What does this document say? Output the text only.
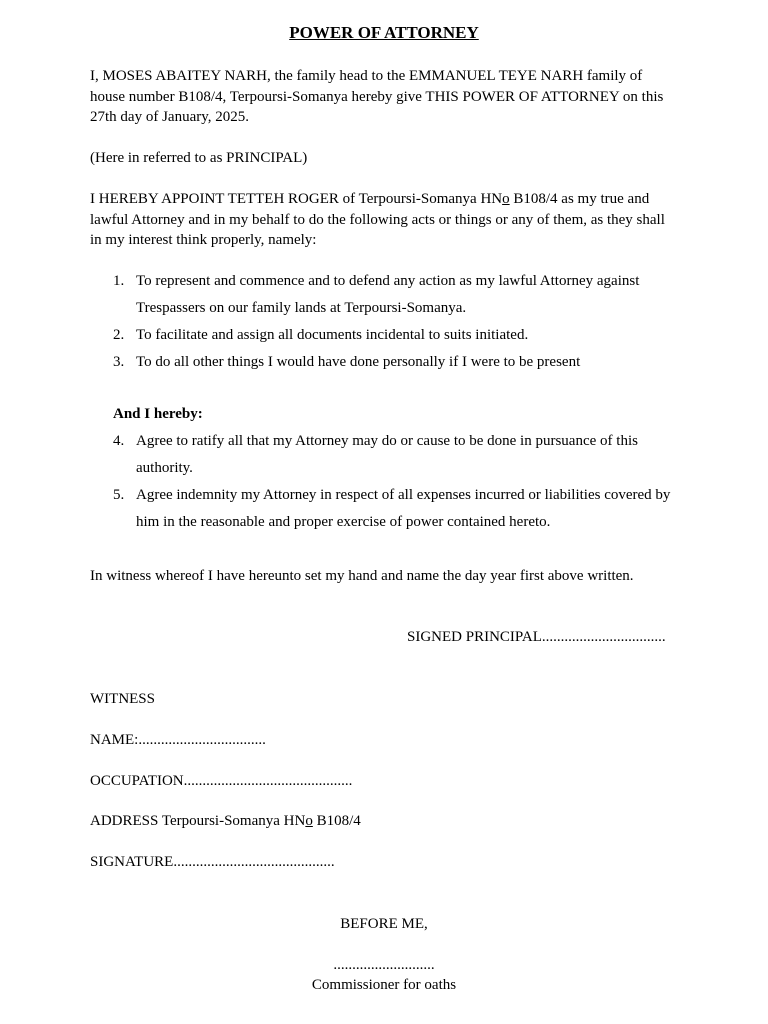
POWER OF ATTORNEY

I, MOSES ABAITEY NARH, the family head to the EMMANUEL TEYE NARH family of house number B108/4, Terpoursi-Somanya hereby give THIS POWER OF ATTORNEY on this 27th day of January, 2025.

(Here in referred to as PRINCIPAL)

I HEREBY APPOINT TETTEH ROGER of Terpoursi-Somanya HNo B108/4 as my true and lawful Attorney and in my behalf to do the following acts or things or any of them, as they shall in my interest think properly, namely:

1. To represent and commence and to defend any action as my lawful Attorney against Trespassers on our family lands at Terpoursi-Somanya.
2. To facilitate and assign all documents incidental to suits initiated.
3. To do all other things I would have done personally if I were to be present
And I hereby:
4. Agree to ratify all that my Attorney may do or cause to be done in pursuance of this authority.
5. Agree indemnity my Attorney in respect of all expenses incurred or liabilities covered by him in the reasonable and proper exercise of power contained hereto.

In witness whereof I have hereunto set my hand and name the day year first above written.

SIGNED PRINCIPAL.................................
WITNESS
NAME:..................................
OCCUPATION.............................................
ADDRESS Terpoursi-Somanya HNo B108/4
SIGNATURE...........................................
BEFORE ME,
...........................
Commissioner for oaths
